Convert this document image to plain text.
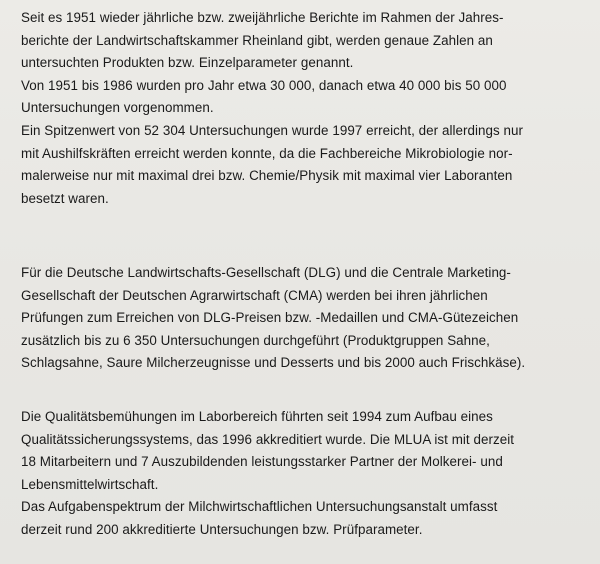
Seit es 1951 wieder jährliche bzw. zweijährliche Berichte im Rahmen der Jahres-
berichte der Landwirtschaftskammer Rheinland gibt, werden genaue Zahlen an
untersuchten Produkten bzw. Einzelparameter genannt.
Von 1951 bis 1986 wurden pro Jahr etwa 30 000, danach etwa 40 000 bis 50 000
Untersuchungen vorgenommen.
Ein Spitzenwert von 52 304 Untersuchungen wurde 1997 erreicht, der allerdings nur
mit Aushilfskräften erreicht werden konnte, da die Fachbereiche Mikrobiologie nor-
malerweise nur mit maximal drei bzw. Chemie/Physik mit maximal vier Laboranten
besetzt waren.
Für die Deutsche Landwirtschafts-Gesellschaft (DLG) und die Centrale Marketing-
Gesellschaft der Deutschen Agrarwirtschaft (CMA) werden bei ihren jährlichen
Prüfungen zum Erreichen von DLG-Preisen bzw. -Medaillen und CMA-Gütezeichen
zusätzlich bis zu 6 350 Untersuchungen durchgeführt (Produktgruppen Sahne,
Schlagsahne, Saure Milcherzeugnisse und Desserts und bis 2000 auch Frischkäse).
Die Qualitätsbemühungen im Laborbereich führten seit 1994 zum Aufbau eines
Qualitätssicherungssystems, das 1996 akkreditiert wurde. Die MLUA ist mit derzeit
18 Mitarbeitern und 7 Auszubildenden leistungsstarker Partner der Molkerei- und
Lebensmittelwirtschaft.
Das Aufgabenspektrum der Milchwirtschaftlichen Untersuchungsanstalt umfasst
derzeit rund 200 akkreditierte Untersuchungen bzw. Prüfparameter.
